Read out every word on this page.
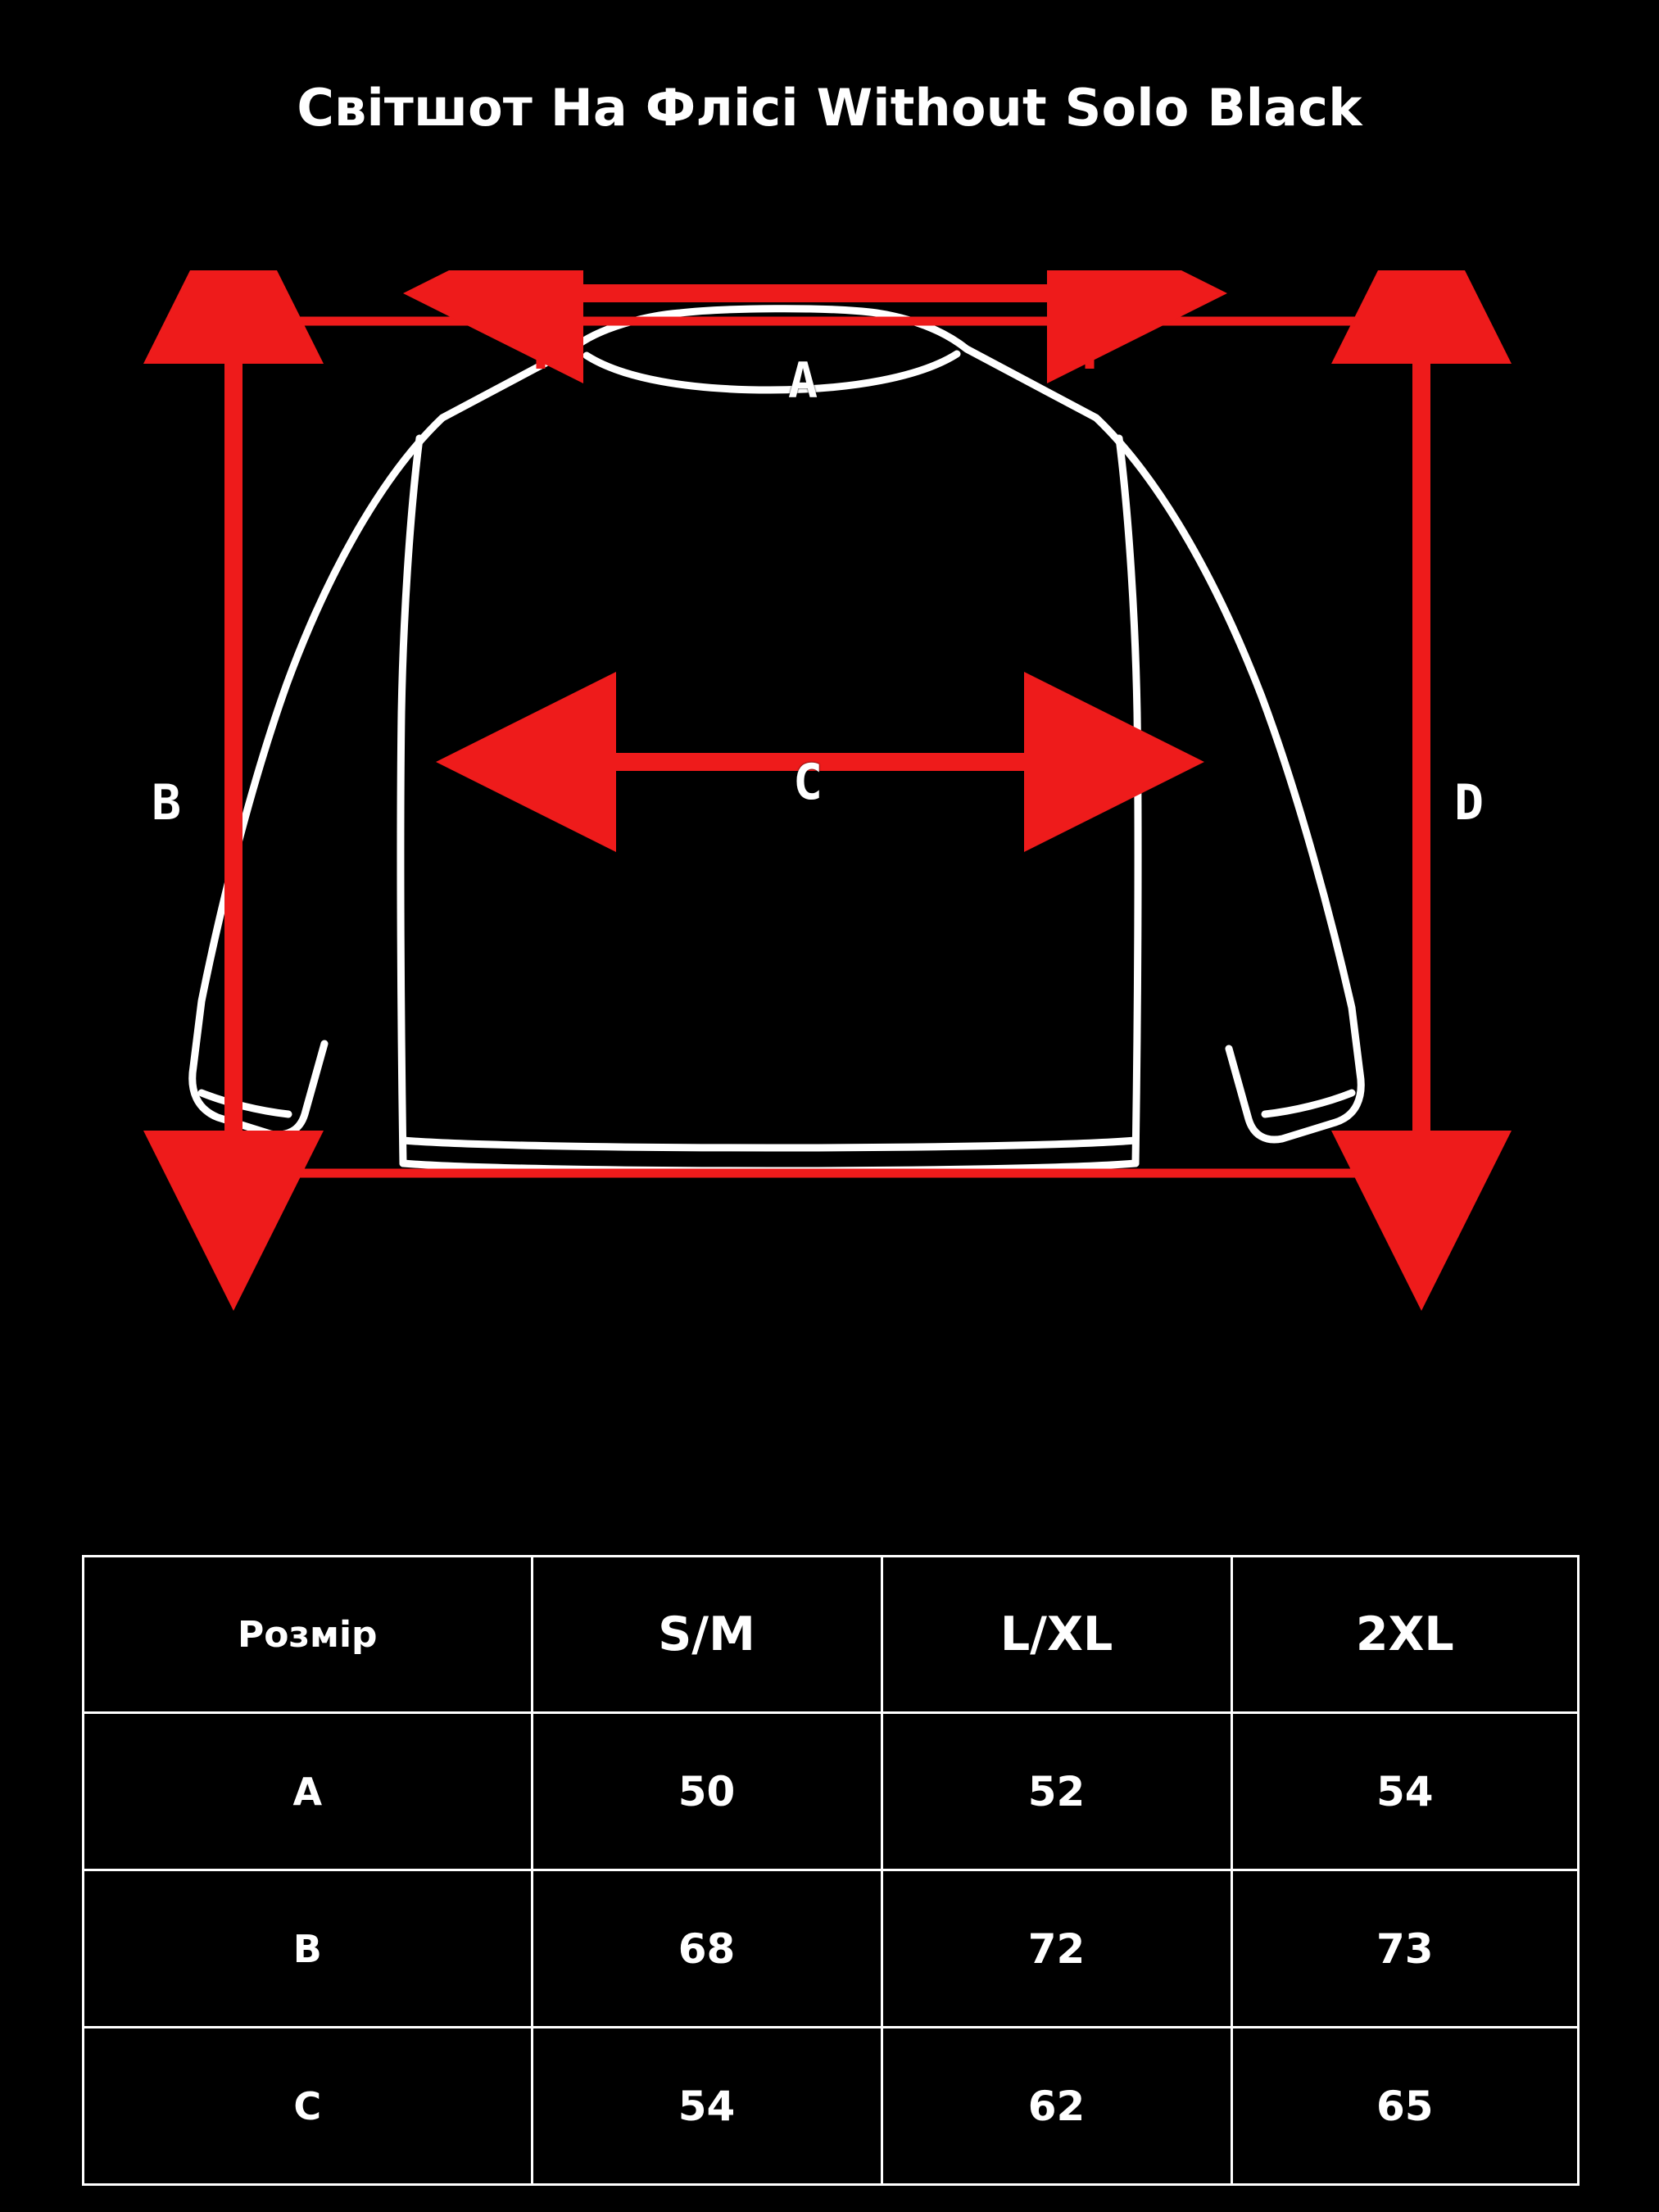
Світшот На Фліcі Without Solo Black
A
B	C	D
Розмір	S/M	L/XL	2XL
A	50	52	54
B	68	72	73
C	54	62	65
